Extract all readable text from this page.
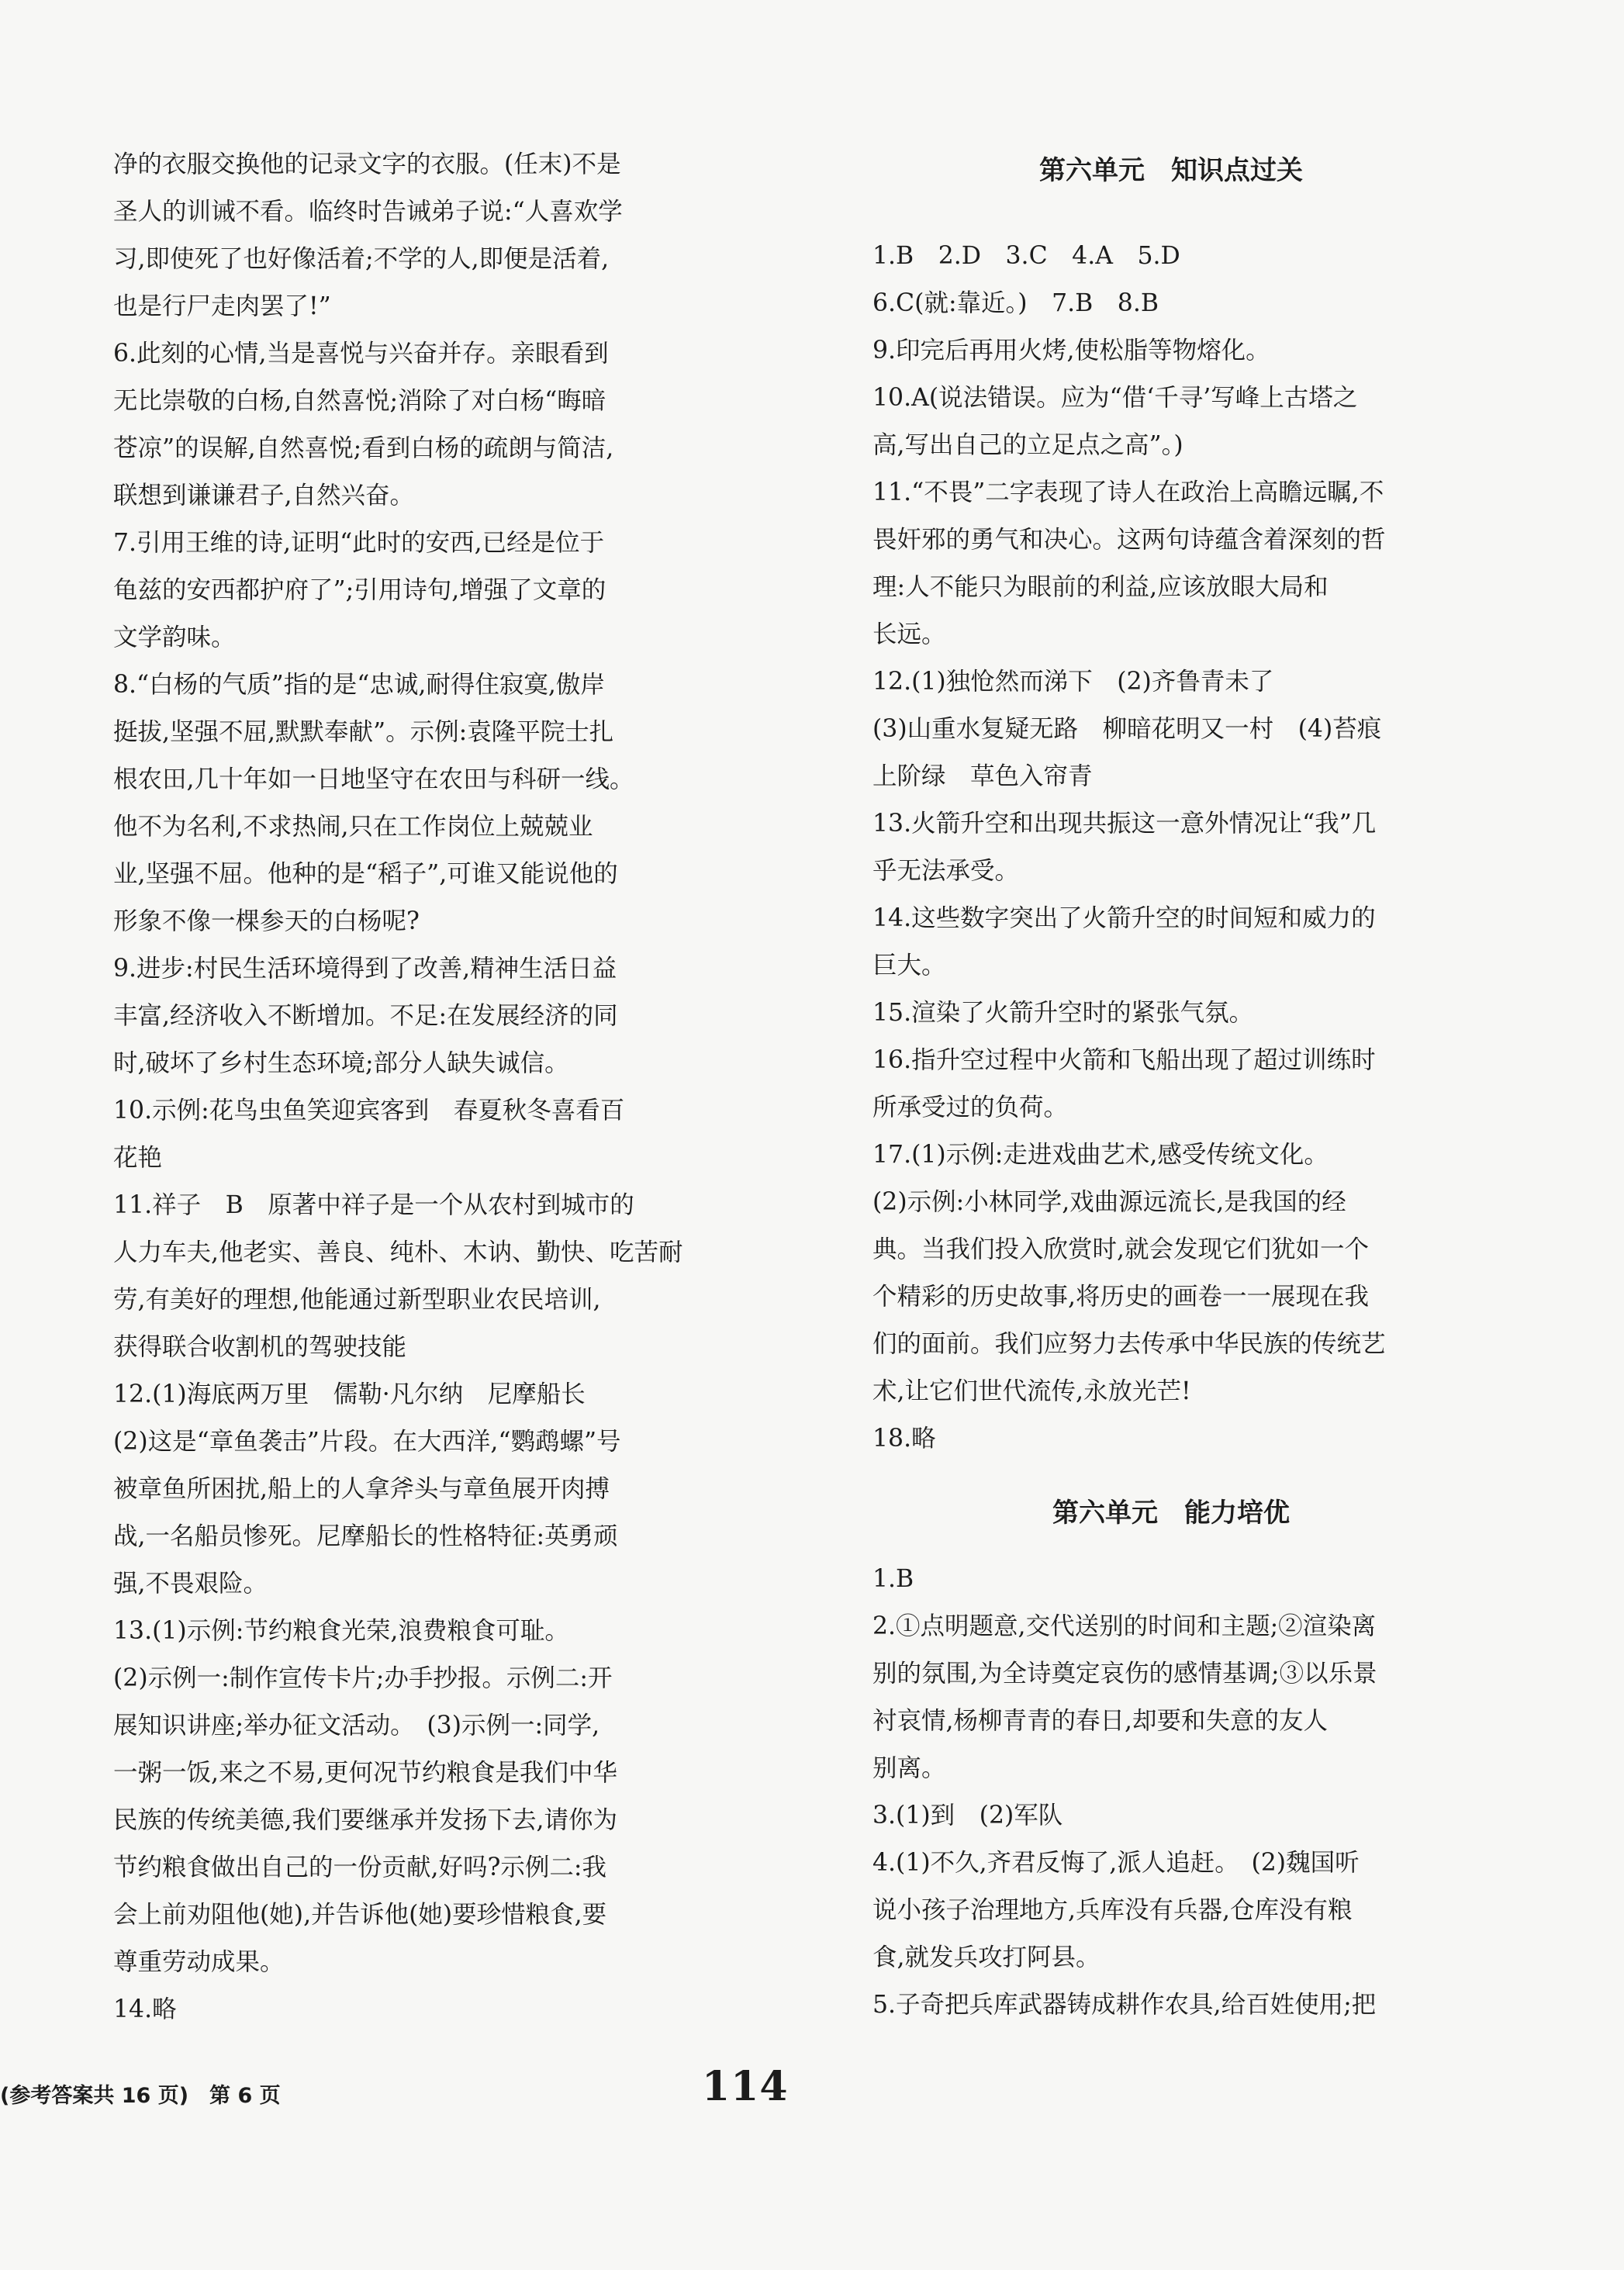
净的衣服交换他的记录文字的衣服。(任末)不是
圣人的训诫不看。临终时告诫弟子说:“人喜欢学
习,即使死了也好像活着;不学的人,即便是活着,
也是行尸走肉罢了!”
6.此刻的心情,当是喜悦与兴奋并存。亲眼看到
无比崇敬的白杨,自然喜悦;消除了对白杨“晦暗
苍凉”的误解,自然喜悦;看到白杨的疏朗与简洁,
联想到谦谦君子,自然兴奋。
7.引用王维的诗,证明“此时的安西,已经是位于
龟兹的安西都护府了”;引用诗句,增强了文章的
文学韵味。
8.“白杨的气质”指的是“忠诚,耐得住寂寞,傲岸
挺拔,坚强不屈,默默奉献”。示例:袁隆平院士扎
根农田,几十年如一日地坚守在农田与科研一线。
他不为名利,不求热闹,只在工作岗位上兢兢业
业,坚强不屈。他种的是“稻子”,可谁又能说他的
形象不像一棵参天的白杨呢?
9.进步:村民生活环境得到了改善,精神生活日益
丰富,经济收入不断增加。不足:在发展经济的同
时,破坏了乡村生态环境;部分人缺失诚信。
10.示例:花鸟虫鱼笑迎宾客到　春夏秋冬喜看百
花艳
11.祥子　B　原著中祥子是一个从农村到城市的
人力车夫,他老实、善良、纯朴、木讷、勤快、吃苦耐
劳,有美好的理想,他能通过新型职业农民培训,
获得联合收割机的驾驶技能
12.(1)海底两万里　儒勒·凡尔纳　尼摩船长
(2)这是“章鱼袭击”片段。在大西洋,“鹦鹉螺”号
被章鱼所困扰,船上的人拿斧头与章鱼展开肉搏
战,一名船员惨死。尼摩船长的性格特征:英勇顽
强,不畏艰险。
13.(1)示例:节约粮食光荣,浪费粮食可耻。
(2)示例一:制作宣传卡片;办手抄报。示例二:开
展知识讲座;举办征文活动。　(3)示例一:同学,
一粥一饭,来之不易,更何况节约粮食是我们中华
民族的传统美德,我们要继承并发扬下去,请你为
节约粮食做出自己的一份贡献,好吗?示例二:我
会上前劝阻他(她),并告诉他(她)要珍惜粮食,要
尊重劳动成果。
14.略
第六单元　知识点过关
1.B　2.D　3.C　4.A　5.D
6.C(就:靠近。)　7.B　8.B
9.印完后再用火烤,使松脂等物熔化。
10.A(说法错误。应为“借‘千寻’写峰上古塔之
高,写出自己的立足点之高”。)
11.“不畏”二字表现了诗人在政治上高瞻远瞩,不
畏奸邪的勇气和决心。这两句诗蕴含着深刻的哲
理:人不能只为眼前的利益,应该放眼大局和
长远。
12.(1)独怆然而涕下　(2)齐鲁青未了
(3)山重水复疑无路　柳暗花明又一村　(4)苔痕
上阶绿　草色入帘青
13.火箭升空和出现共振这一意外情况让“我”几
乎无法承受。
14.这些数字突出了火箭升空的时间短和威力的
巨大。
15.渲染了火箭升空时的紧张气氛。
16.指升空过程中火箭和飞船出现了超过训练时
所承受过的负荷。
17.(1)示例:走进戏曲艺术,感受传统文化。
(2)示例:小林同学,戏曲源远流长,是我国的经
典。当我们投入欣赏时,就会发现它们犹如一个
个精彩的历史故事,将历史的画卷一一展现在我
们的面前。我们应努力去传承中华民族的传统艺
术,让它们世代流传,永放光芒!
18.略
第六单元　能力培优
1.B
2.①点明题意,交代送别的时间和主题;②渲染离
别的氛围,为全诗奠定哀伤的感情基调;③以乐景
衬哀情,杨柳青青的春日,却要和失意的友人
别离。
3.(1)到　(2)军队
4.(1)不久,齐君反悔了,派人追赶。　(2)魏国听
说小孩子治理地方,兵库没有兵器,仓库没有粮
食,就发兵攻打阿县。
5.子奇把兵库武器铸成耕作农具,给百姓使用;把
(参考答案共 16 页)　第 6 页	114
